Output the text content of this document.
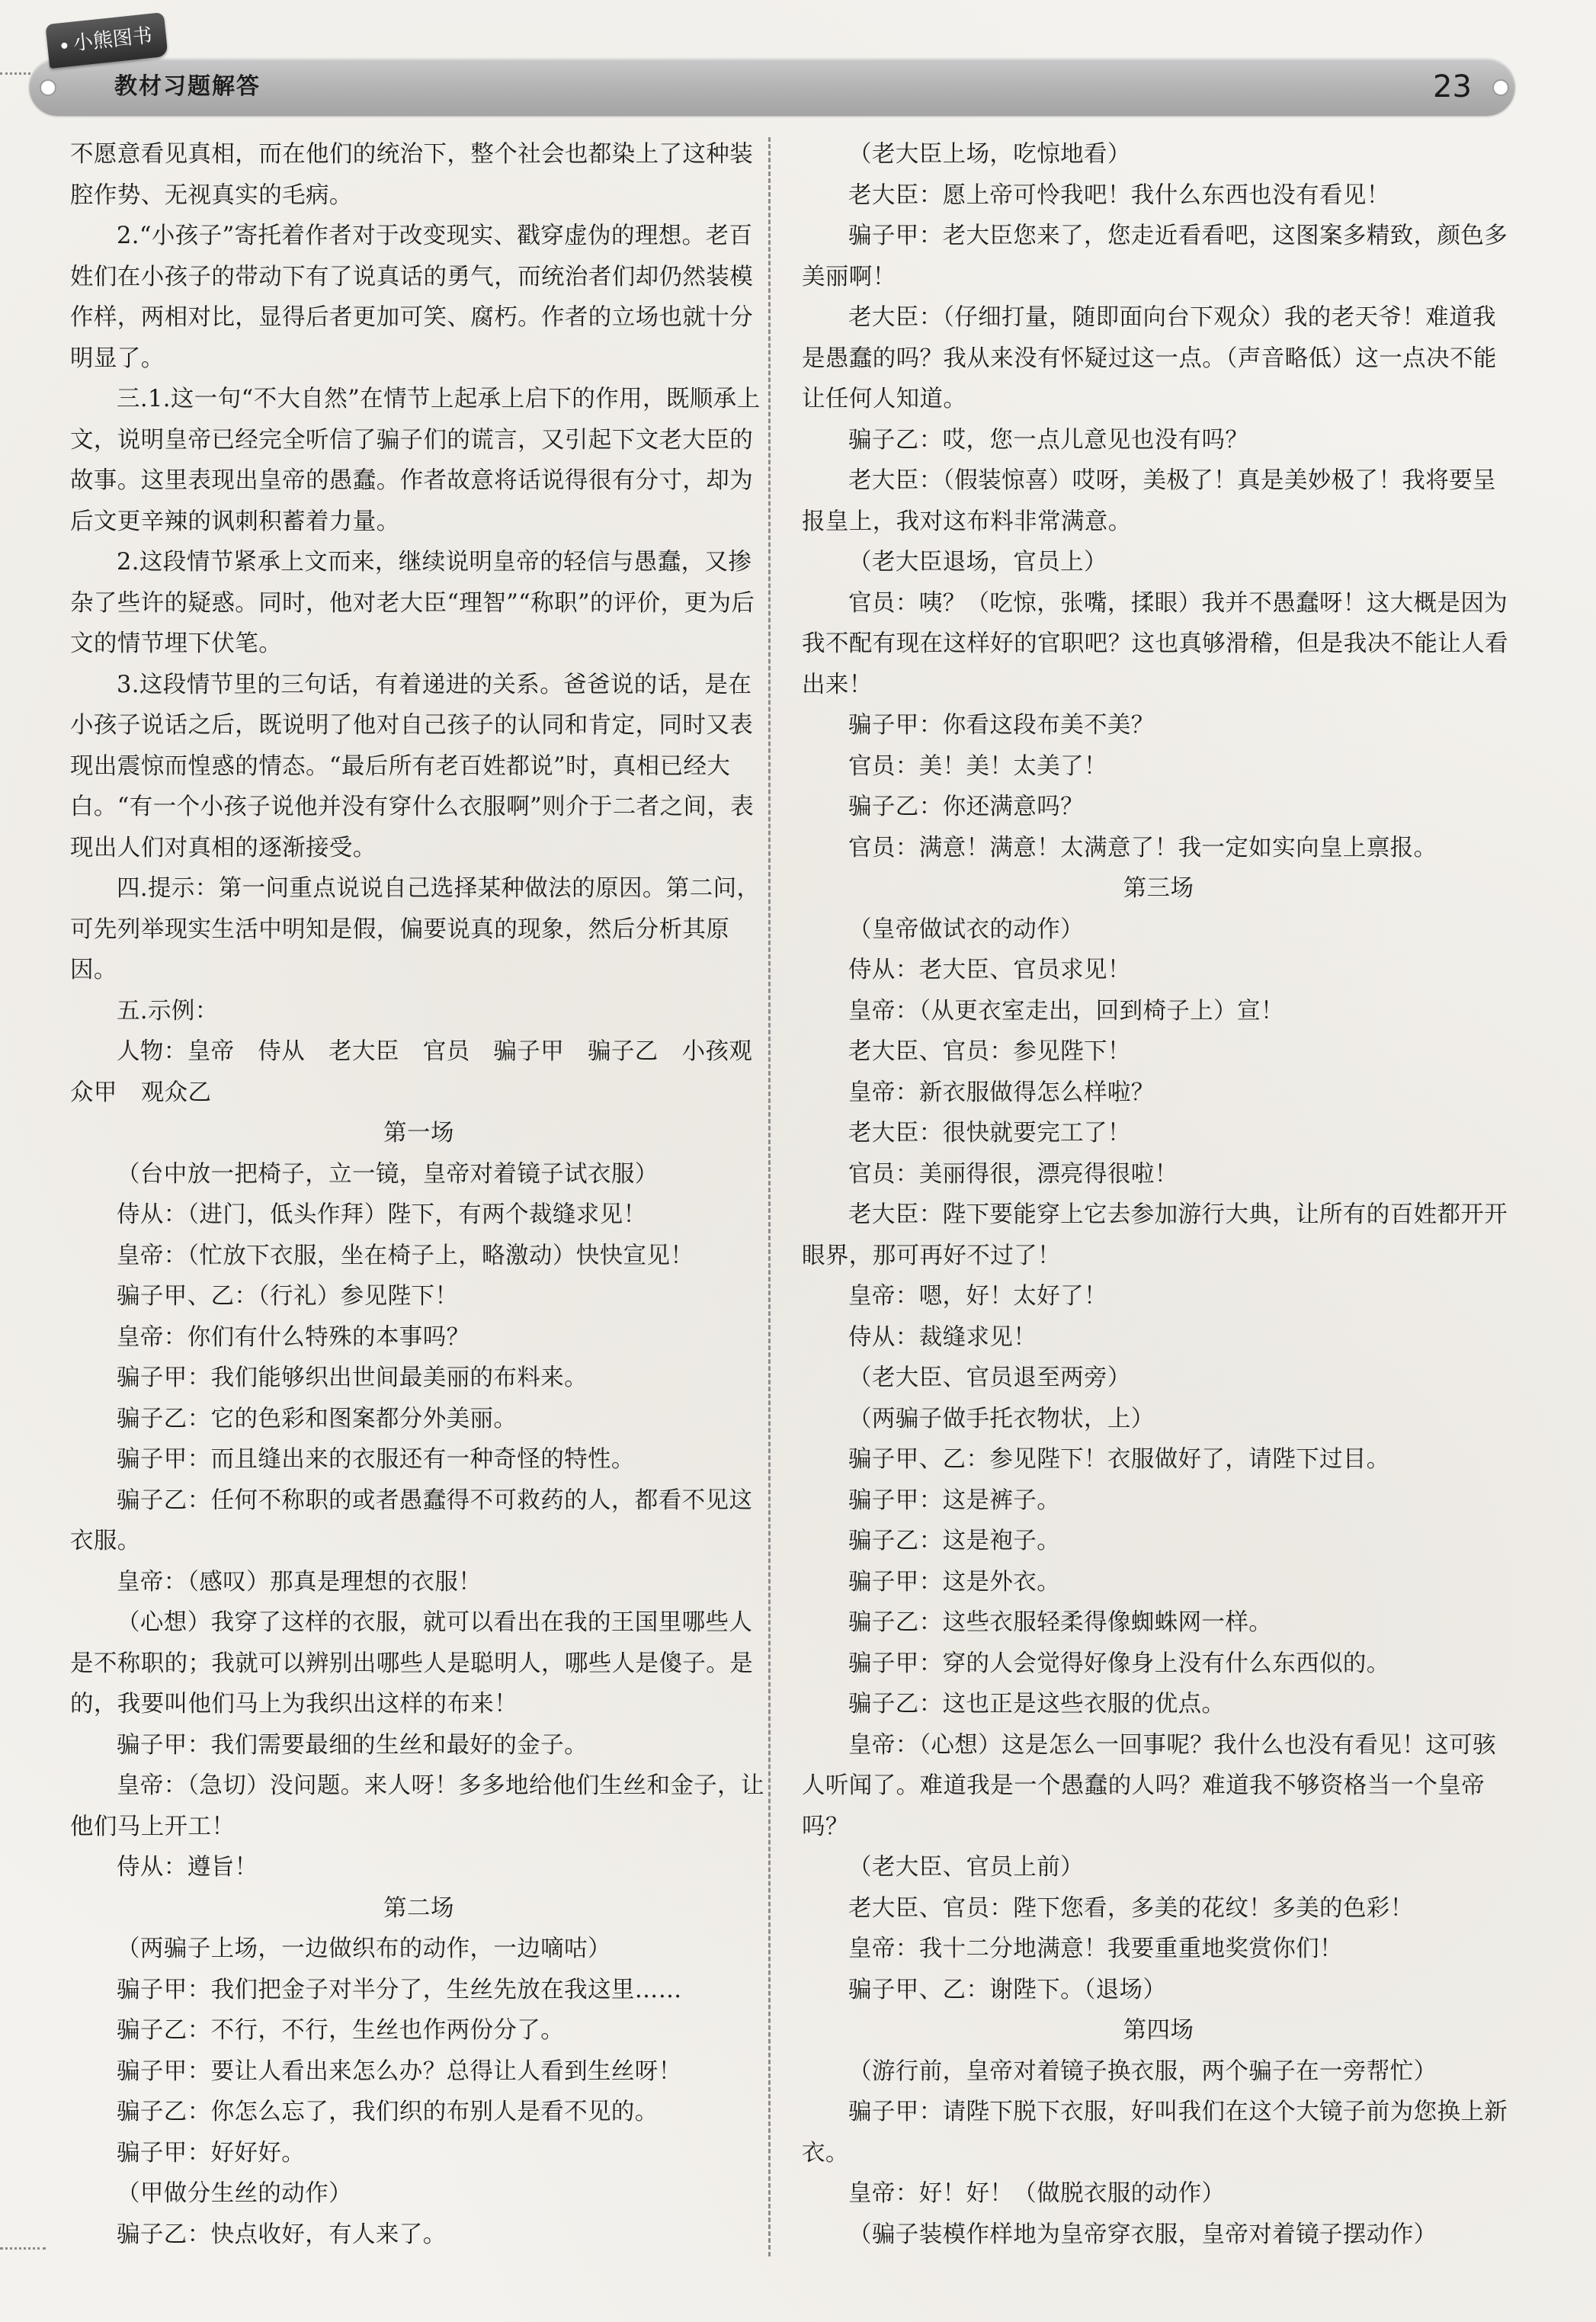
小熊图书
教材习题解答	23

不愿意看见真相，而在他们的统治下，整个社会也都染上了这种装腔作势、无视真实的毛病。

2.“小孩子”寄托着作者对于改变现实、戳穿虚伪的理想。老百姓们在小孩子的带动下有了说真话的勇气，而统治者们却仍然装模作样，两相对比，显得后者更加可笑、腐朽。作者的立场也就十分明显了。

三.1.这一句“不大自然”在情节上起承上启下的作用，既顺承上文，说明皇帝已经完全听信了骗子们的谎言，又引起下文老大臣的故事。这里表现出皇帝的愚蠢。作者故意将话说得很有分寸，却为后文更辛辣的讽刺积蓄着力量。

2.这段情节紧承上文而来，继续说明皇帝的轻信与愚蠢，又掺杂了些许的疑惑。同时，他对老大臣“理智”“称职”的评价，更为后文的情节埋下伏笔。

3.这段情节里的三句话，有着递进的关系。爸爸说的话，是在小孩子说话之后，既说明了他对自己孩子的认同和肯定，同时又表现出震惊而惶惑的情态。“最后所有老百姓都说”时，真相已经大白。“有一个小孩子说他并没有穿什么衣服啊”则介于二者之间，表现出人们对真相的逐渐接受。

四.提示：第一问重点说说自己选择某种做法的原因。第二问，可先列举现实生活中明知是假，偏要说真的现象，然后分析其原因。

五.示例：

人物：皇帝　侍从　老大臣　官员　骗子甲　骗子乙　小孩观众甲　观众乙

第一场

（台中放一把椅子，立一镜，皇帝对着镜子试衣服）

侍从：（进门，低头作拜）陛下，有两个裁缝求见！

皇帝：（忙放下衣服，坐在椅子上，略激动）快快宣见！

骗子甲、乙：（行礼）参见陛下！

皇帝：你们有什么特殊的本事吗？

骗子甲：我们能够织出世间最美丽的布料来。

骗子乙：它的色彩和图案都分外美丽。

骗子甲：而且缝出来的衣服还有一种奇怪的特性。

骗子乙：任何不称职的或者愚蠢得不可救药的人，都看不见这衣服。

皇帝：（感叹）那真是理想的衣服！

（心想）我穿了这样的衣服，就可以看出在我的王国里哪些人是不称职的；我就可以辨别出哪些人是聪明人，哪些人是傻子。是的，我要叫他们马上为我织出这样的布来！

骗子甲：我们需要最细的生丝和最好的金子。

皇帝：（急切）没问题。来人呀！多多地给他们生丝和金子，让他们马上开工！

侍从：遵旨！

第二场

（两骗子上场，一边做织布的动作，一边嘀咕）

骗子甲：我们把金子对半分了，生丝先放在我这里……

骗子乙：不行，不行，生丝也作两份分了。

骗子甲：要让人看出来怎么办？总得让人看到生丝呀！

骗子乙：你怎么忘了，我们织的布别人是看不见的。

骗子甲：好好好。

（甲做分生丝的动作）

骗子乙：快点收好，有人来了。

（老大臣上场，吃惊地看）

老大臣：愿上帝可怜我吧！我什么东西也没有看见！

骗子甲：老大臣您来了，您走近看看吧，这图案多精致，颜色多美丽啊！

老大臣：（仔细打量，随即面向台下观众）我的老天爷！难道我是愚蠢的吗？我从来没有怀疑过这一点。（声音略低）这一点决不能让任何人知道。

骗子乙：哎，您一点儿意见也没有吗？

老大臣：（假装惊喜）哎呀，美极了！真是美妙极了！我将要呈报皇上，我对这布料非常满意。

（老大臣退场，官员上）

官员：咦？（吃惊，张嘴，揉眼）我并不愚蠢呀！这大概是因为我不配有现在这样好的官职吧？这也真够滑稽，但是我决不能让人看出来！

骗子甲：你看这段布美不美？

官员：美！美！太美了！

骗子乙：你还满意吗？

官员：满意！满意！太满意了！我一定如实向皇上禀报。

第三场

（皇帝做试衣的动作）

侍从：老大臣、官员求见！

皇帝：（从更衣室走出，回到椅子上）宣！

老大臣、官员：参见陛下！

皇帝：新衣服做得怎么样啦？

老大臣：很快就要完工了！

官员：美丽得很，漂亮得很啦！

老大臣：陛下要能穿上它去参加游行大典，让所有的百姓都开开眼界，那可再好不过了！

皇帝：嗯，好！太好了！

侍从：裁缝求见！

（老大臣、官员退至两旁）

（两骗子做手托衣物状，上）

骗子甲、乙：参见陛下！衣服做好了，请陛下过目。

骗子甲：这是裤子。

骗子乙：这是袍子。

骗子甲：这是外衣。

骗子乙：这些衣服轻柔得像蜘蛛网一样。

骗子甲：穿的人会觉得好像身上没有什么东西似的。

骗子乙：这也正是这些衣服的优点。

皇帝：（心想）这是怎么一回事呢？我什么也没有看见！这可骇人听闻了。难道我是一个愚蠢的人吗？难道我不够资格当一个皇帝吗？

（老大臣、官员上前）

老大臣、官员：陛下您看，多美的花纹！多美的色彩！

皇帝：我十二分地满意！我要重重地奖赏你们！

骗子甲、乙：谢陛下。（退场）

第四场

（游行前，皇帝对着镜子换衣服，两个骗子在一旁帮忙）

骗子甲：请陛下脱下衣服，好叫我们在这个大镜子前为您换上新衣。

皇帝：好！好！（做脱衣服的动作）

（骗子装模作样地为皇帝穿衣服，皇帝对着镜子摆动作）
